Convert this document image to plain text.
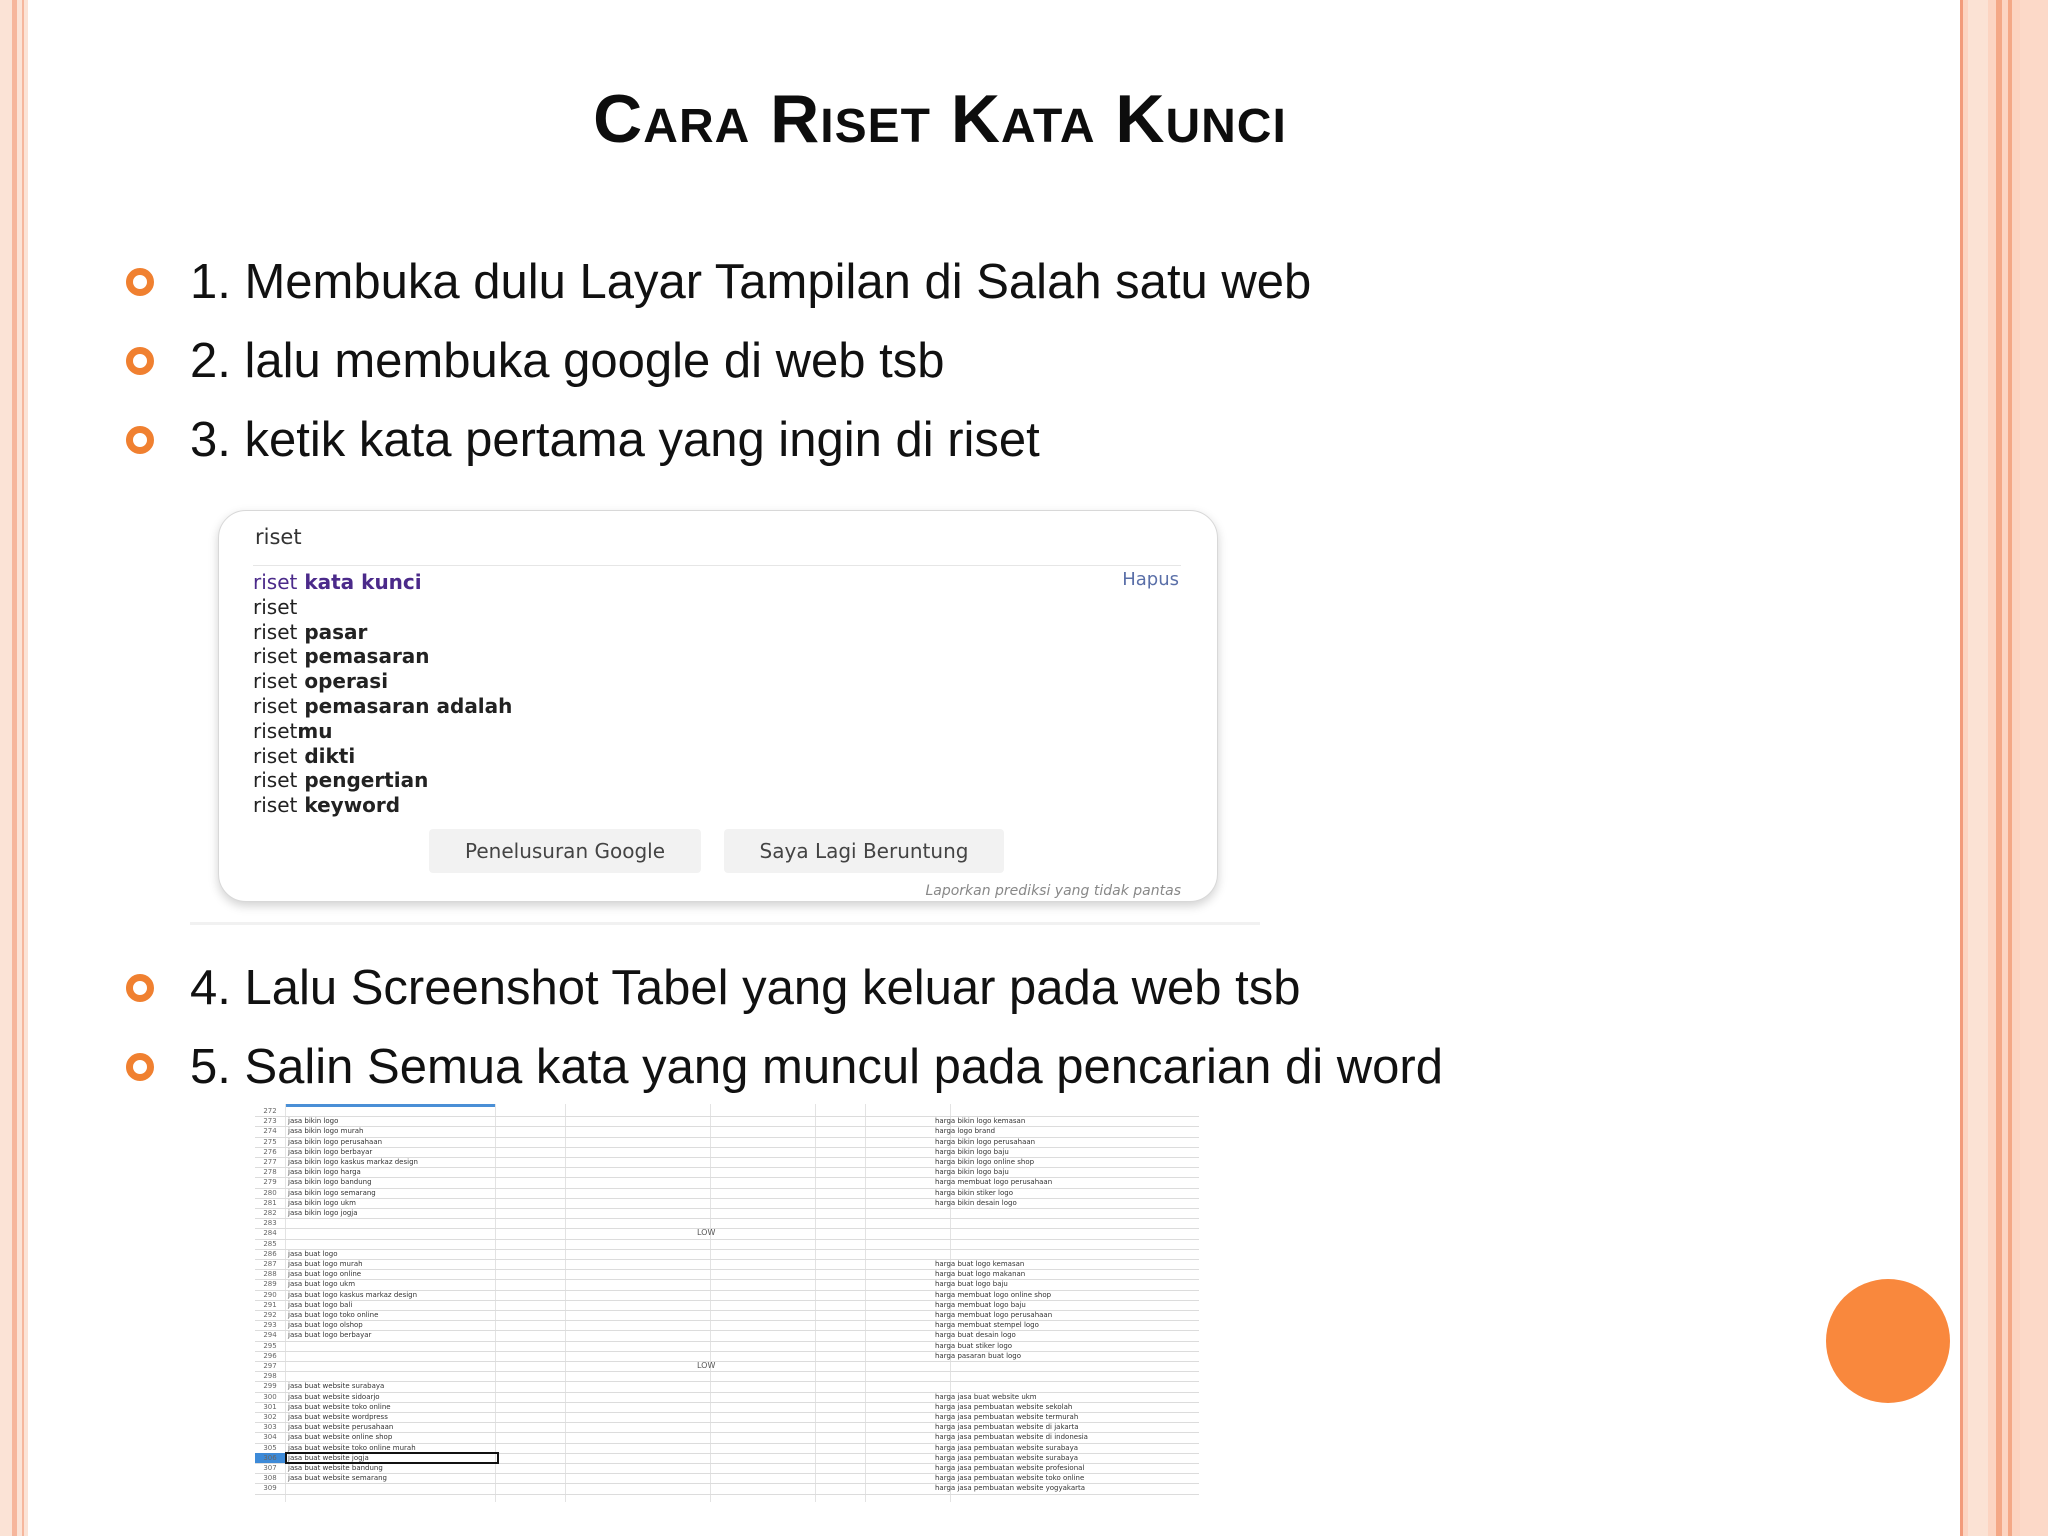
Cara Riset Kata Kunci
1. Membuka dulu Layar Tampilan di Salah satu web
2. lalu membuka google di web tsb
3. ketik kata pertama yang ingin di riset
riset
riset kata kunci
riset
riset pasar
riset pemasaran
riset operasi
riset pemasaran adalah
risetmu
riset dikti
riset pengertian
riset keyword
Hapus
Penelusuran Google	Saya Lagi Beruntung
Laporkan prediksi yang tidak pantas
4. Lalu Screenshot Tabel yang keluar pada web tsb
5. Salin Semua kata yang muncul pada pencarian di word
272
273	jasa bikin logo	harga bikin logo kemasan
274	jasa bikin logo murah	harga logo brand
275	jasa bikin logo perusahaan	harga bikin logo perusahaan
276	jasa bikin logo berbayar	harga bikin logo baju
277	jasa bikin logo kaskus markaz design	harga bikin logo online shop
278	jasa bikin logo harga	harga bikin logo baju
279	jasa bikin logo bandung	harga membuat logo perusahaan
280	jasa bikin logo semarang	harga bikin stiker logo
281	jasa bikin logo ukm	harga bikin desain logo
282	jasa bikin logo jogja
283
284	LOW
285
286	jasa buat logo
287	jasa buat logo murah	harga buat logo kemasan
288	jasa buat logo online	harga buat logo makanan
289	jasa buat logo ukm	harga buat logo baju
290	jasa buat logo kaskus markaz design	harga membuat logo online shop
291	jasa buat logo bali	harga membuat logo baju
292	jasa buat logo toko online	harga membuat logo perusahaan
293	jasa buat logo olshop	harga membuat stempel logo
294	jasa buat logo berbayar	harga buat desain logo
295	harga buat stiker logo
296	harga pasaran buat logo
297	LOW
298
299	jasa buat website surabaya
300	jasa buat website sidoarjo	harga jasa buat website ukm
301	jasa buat website toko online	harga jasa pembuatan website sekolah
302	jasa buat website wordpress	harga jasa pembuatan website termurah
303	jasa buat website perusahaan	harga jasa pembuatan website di jakarta
304	jasa buat website online shop	harga jasa pembuatan website di indonesia
305	jasa buat website toko online murah	harga jasa pembuatan website surabaya
306	jasa buat website jogja	harga jasa pembuatan website surabaya
307	jasa buat website bandung	harga jasa pembuatan website profesional
308	jasa buat website semarang	harga jasa pembuatan website toko online
309	harga jasa pembuatan website yogyakarta
